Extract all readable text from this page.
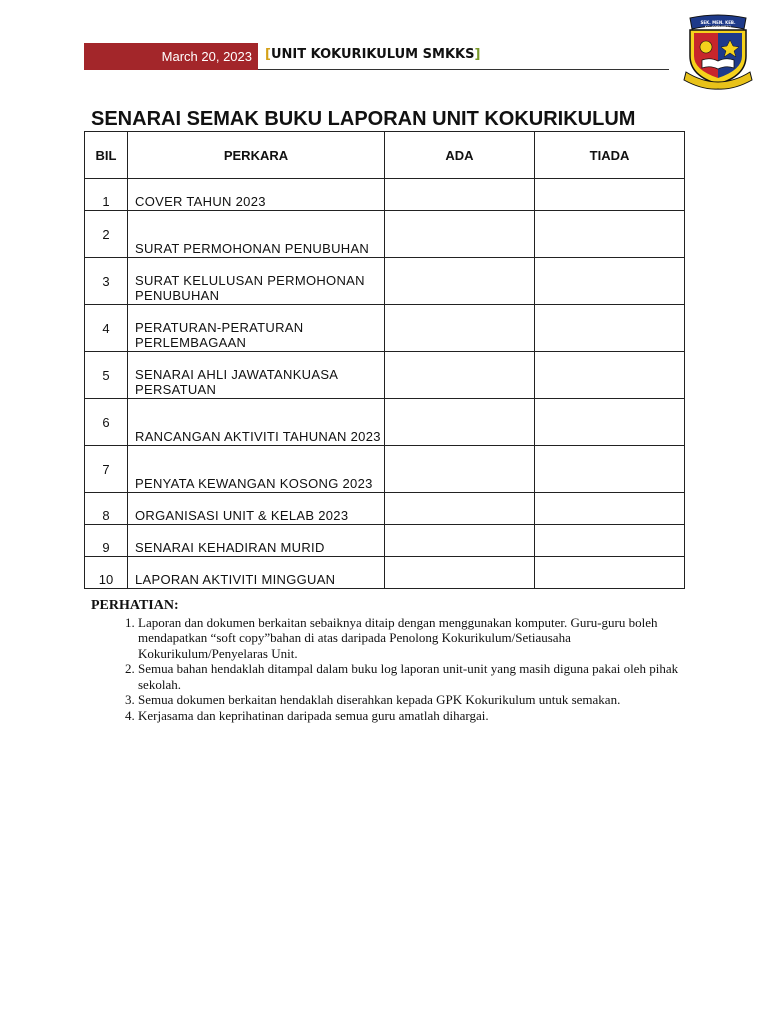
March 20, 2023	[UNIT KOKURIKULUM SMKKS]
SEK. MEN. KEB.
KG. SOEHARTO
SENARAI SEMAK BUKU LAPORAN UNIT KOKURIKULUM
BIL	PERKARA	ADA	TIADA
1	COVER TAHUN 2023		
2	SURAT PERMOHONAN PENUBUHAN		
3	SURAT KELULUSAN PERMOHONAN PENUBUHAN		
4	PERATURAN-PERATURAN PERLEMBAGAAN		
5	SENARAI AHLI JAWATANKUASA PERSATUAN		
6	RANCANGAN AKTIVITI TAHUNAN 2023		
7	PENYATA KEWANGAN KOSONG 2023		
8	ORGANISASI UNIT & KELAB 2023		
9	SENARAI KEHADIRAN MURID		
10	LAPORAN AKTIVITI MINGGUAN		
PERHATIAN:
1. Laporan dan dokumen berkaitan sebaiknya ditaip dengan menggunakan komputer. Guru-guru boleh mendapatkan “soft copy”bahan di atas daripada Penolong Kokurikulum/Setiausaha Kokurikulum/Penyelaras Unit.
2. Semua bahan hendaklah ditampal dalam buku log laporan unit-unit yang masih diguna pakai oleh pihak sekolah.
3. Semua dokumen berkaitan hendaklah diserahkan kepada GPK Kokurikulum untuk semakan.
4. Kerjasama dan keprihatinan daripada semua guru amatlah dihargai.
